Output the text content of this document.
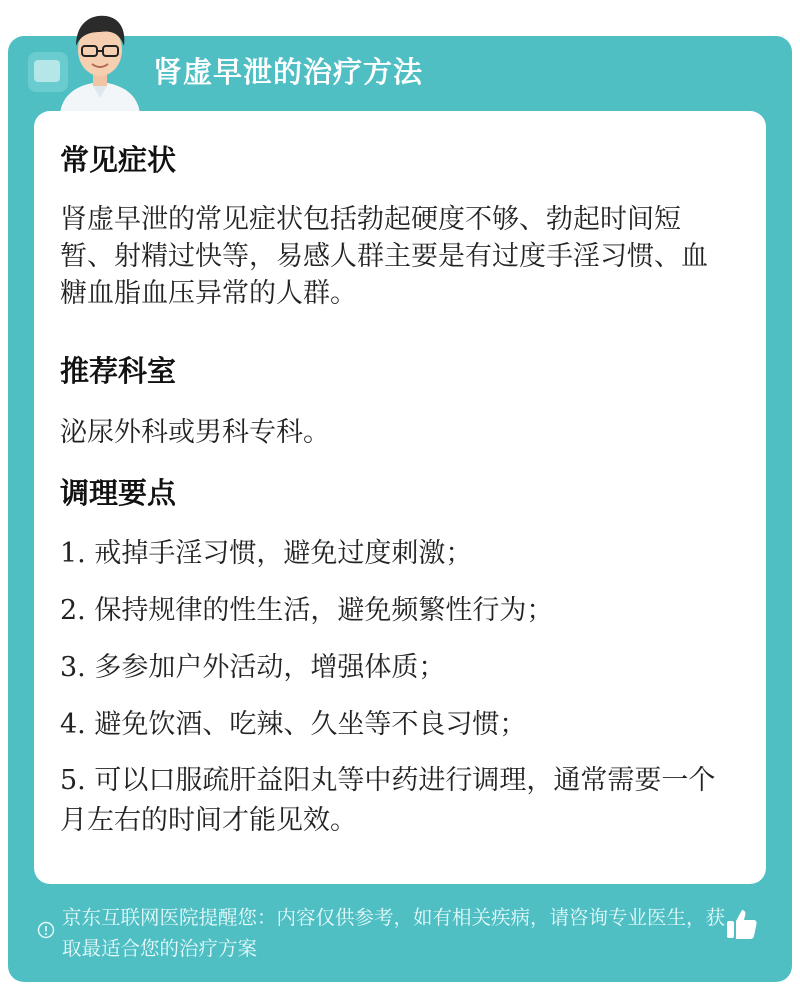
肾虚早泄的治疗方法
常见症状
肾虚早泄的常见症状包括勃起硬度不够、勃起时间短暂、射精过快等，易感人群主要是有过度手淫习惯、血糖血脂血压异常的人群。
推荐科室
泌尿外科或男科专科。
调理要点
1. 戒掉手淫习惯，避免过度刺激；
2. 保持规律的性生活，避免频繁性行为；
3. 多参加户外活动，增强体质；
4. 避免饮酒、吃辣、久坐等不良习惯；
5. 可以口服疏肝益阳丸等中药进行调理，通常需要一个月左右的时间才能见效。
京东互联网医院提醒您：内容仅供参考，如有相关疾病，请咨询专业医生，获取最适合您的治疗方案
